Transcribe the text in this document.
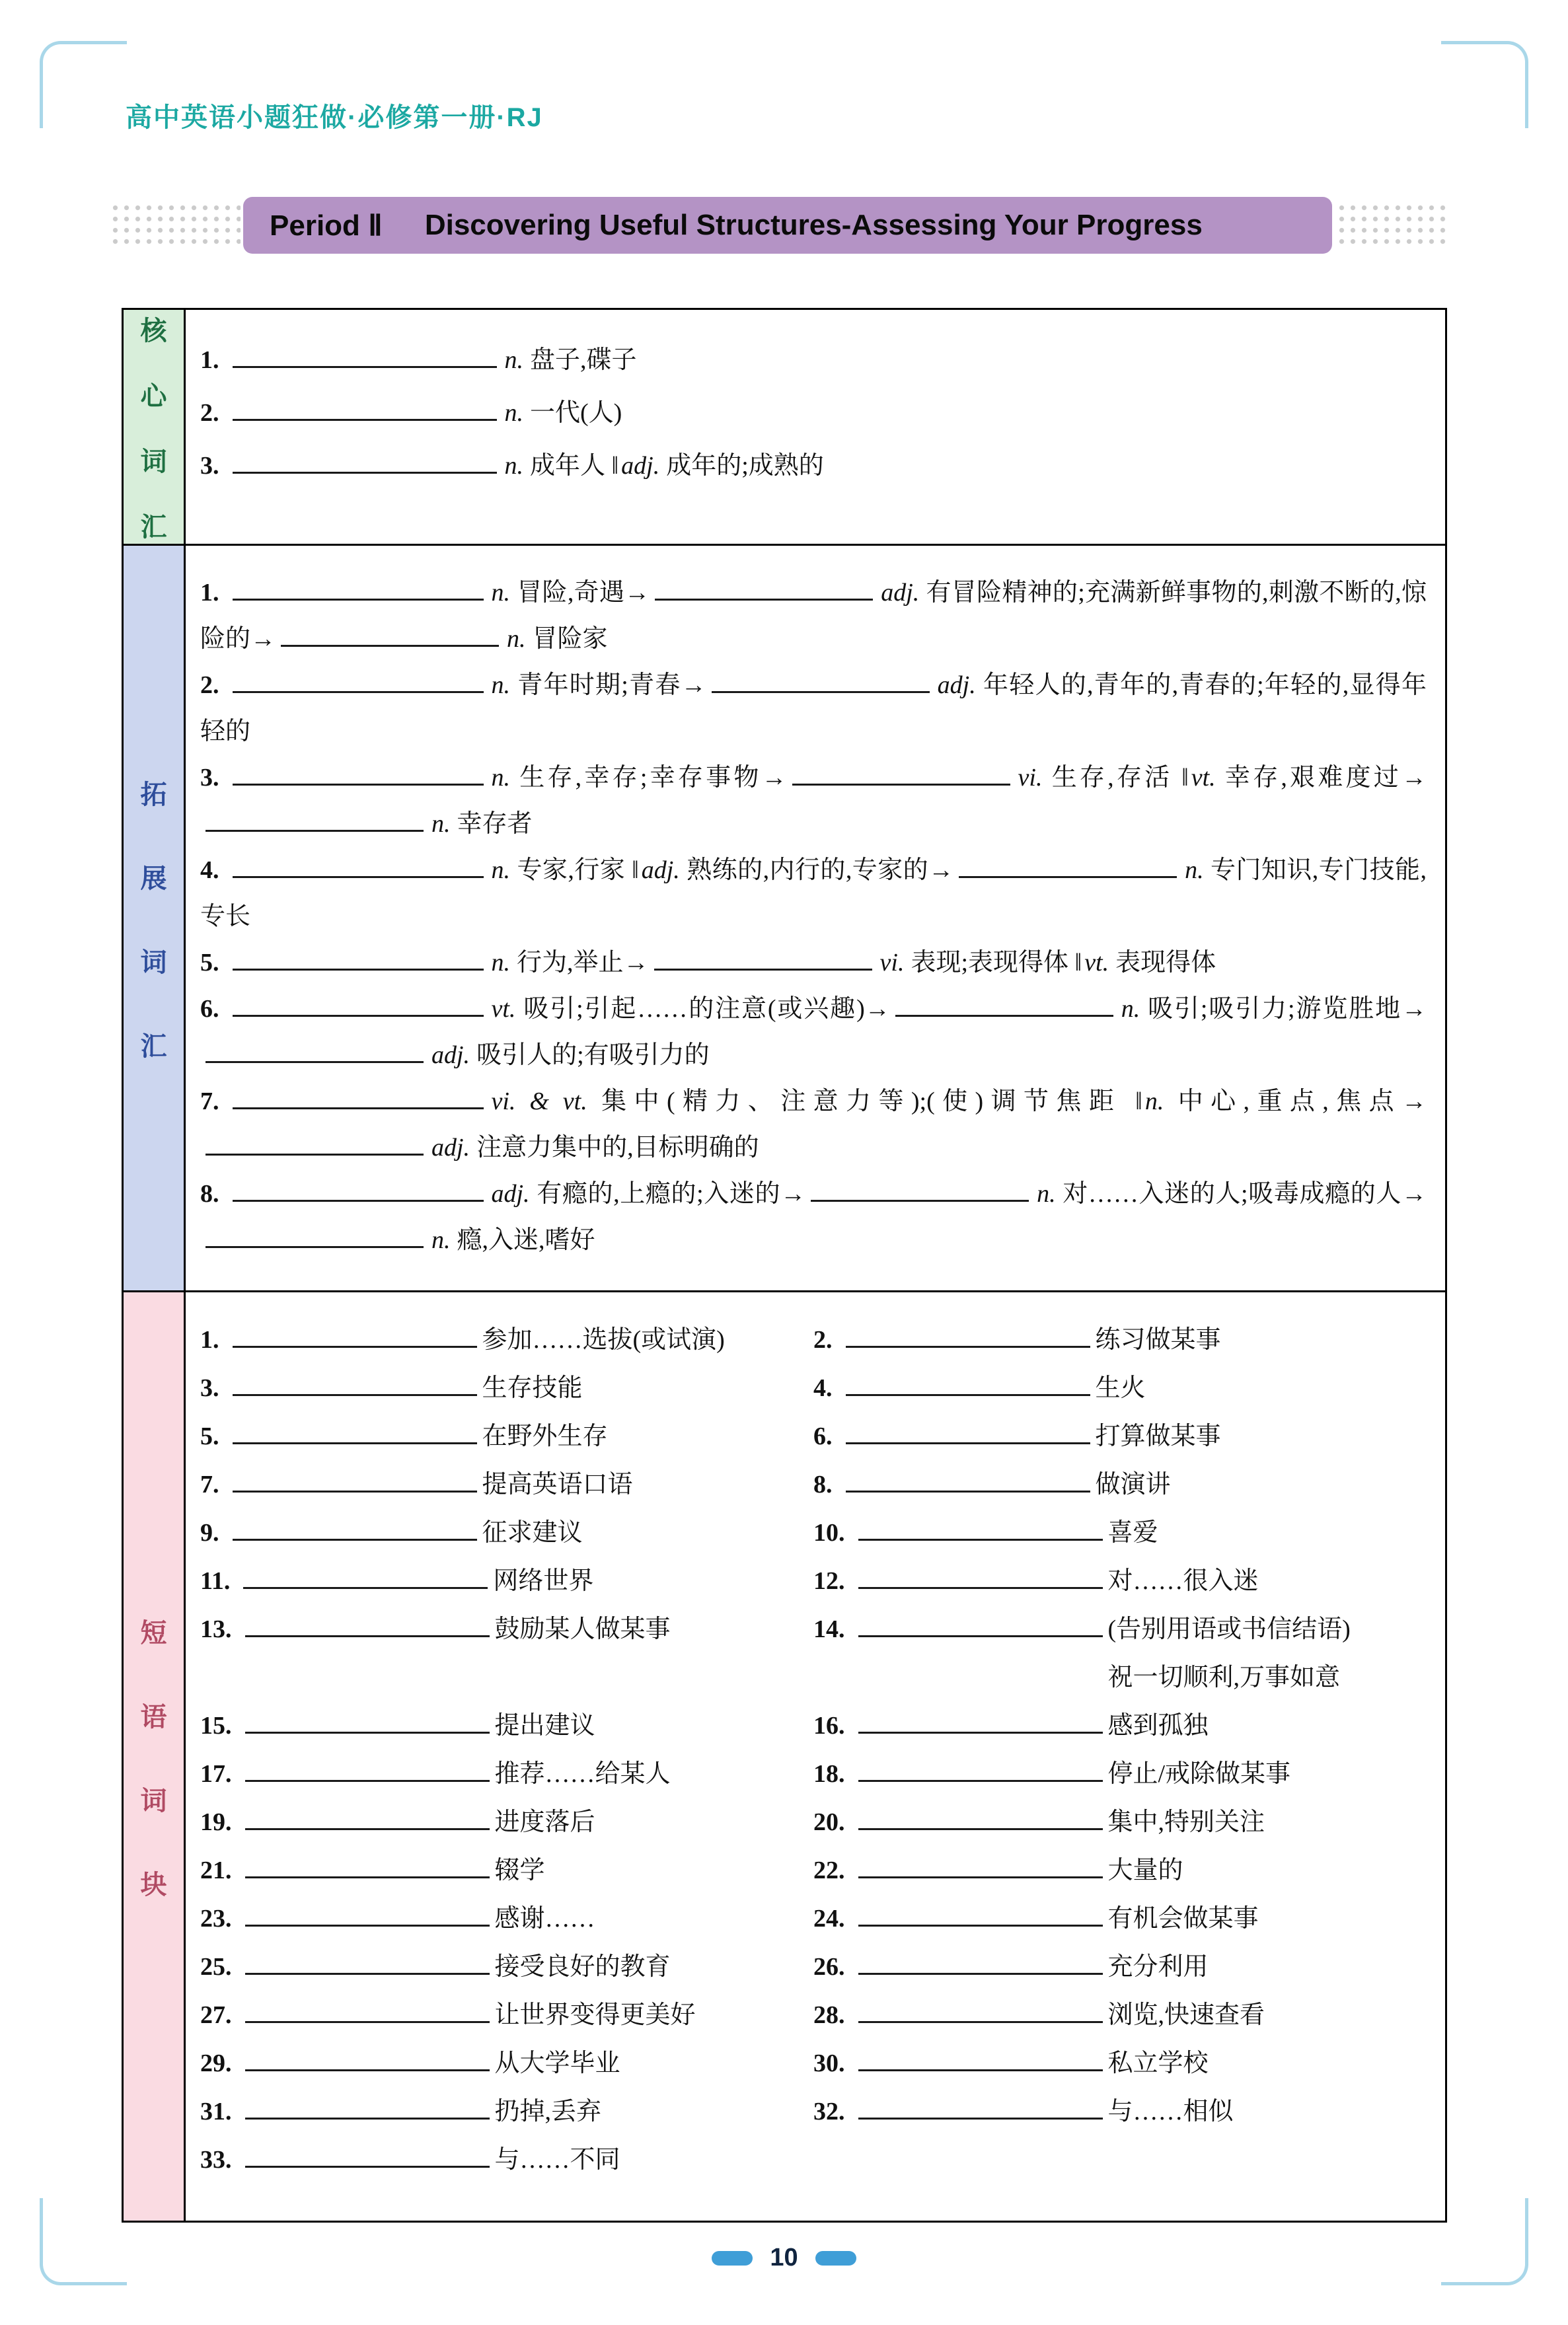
高中英语小题狂做·必修第一册·RJ
Period Ⅱ Discovering Useful Structures-Assessing Your Progress
核
心
词
汇

1.	n. 盘子,碟子

2.	n. 一代(人)

3.	n. 成年人 ‖ adj. 成年的;成熟的

拓
展
词
汇

1.	n. 冒险,奇遇→	adj. 有冒险精神的;充满新鲜事物的,刺激不断的,惊险的→	n. 冒险家

2.	n. 青年时期;青春→	adj. 年轻人的,青年的,青春的;年轻的,显得年轻的

3.	n. 生存,幸存;幸存事物→	vi. 生存,存活 ‖ vt. 幸存,艰难度过→n. 幸存者

4.	n. 专家,行家 ‖ adj. 熟练的,内行的,专家的→	n. 专门知识,专门技能,专长

5.	n. 行为,举止→	vi. 表现;表现得体 ‖ vt. 表现得体

6.	vt. 吸引;引起……的注意(或兴趣)→	n. 吸引;吸引力;游览胜地→adj. 吸引人的;有吸引力的

7.	vi. & vt. 集中(精力、注意力等);(使)调节焦距 ‖ n. 中心,重点,焦点→adj. 注意力集中的,目标明确的

8.	adj. 有瘾的,上瘾的;入迷的→	n. 对……入迷的人;吸毒成瘾的人→n. 瘾,入迷,嗜好

短
语
词
块
1.	参加……选拔(或试演)	2.	练习做某事
3.	生存技能	4.	生火
5.	在野外生存	6.	打算做某事
7.	提高英语口语	8.	做演讲
9.	征求建议	10.	喜爱
11.	网络世界	12.	对……很入迷
13.	鼓励某人做某事	14.	(告别用语或书信结语)
祝一切顺利,万事如意
15.	提出建议	16.	感到孤独
17.	推荐……给某人	18.	停止/戒除做某事
19.	进度落后	20.	集中,特别关注
21.	辍学	22.	大量的
23.	感谢……	24.	有机会做某事
25.	接受良好的教育	26.	充分利用
27.	让世界变得更美好	28.	浏览,快速查看
29.	从大学毕业	30.	私立学校
31.	扔掉,丢弃	32.	与……相似
33.	与……不同
10
